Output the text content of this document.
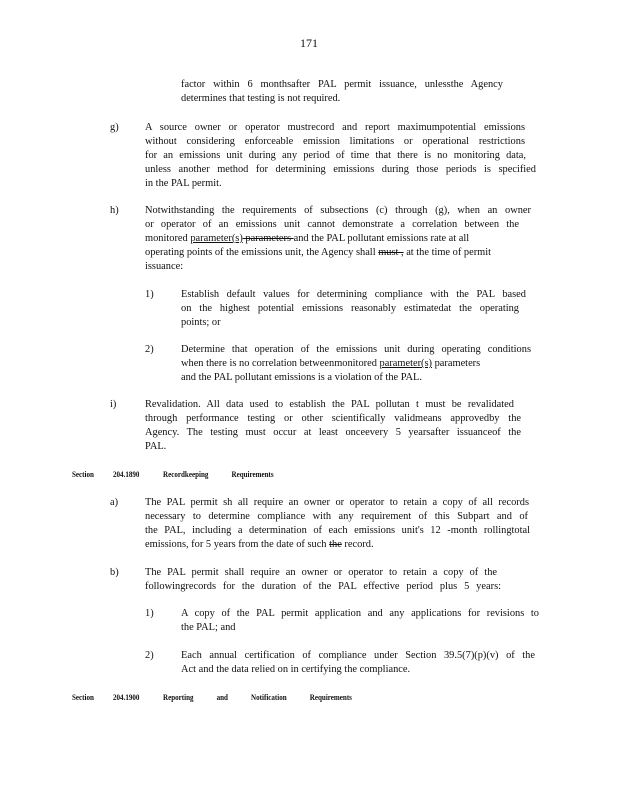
171
factor within 6 monthsafter PAL permit issuance, unlessthe Agency
determines that testing is not required.
g)	A source owner or operator mustrecord and report maximumpotential emissions
without considering enforceable emission limitations or operational restrictions
for an emissions unit during any period of time that there is no monitoring data,
unless another method for determining emissions during those periods is specified
in the PAL permit.
h)	Notwithstanding the requirements of subsections (c) through (g), when an owner
or operator of an emissions unit cannot demonstrate a correlation between the
monitored parameter(s) parameters and the PAL pollutant emissions rate at all
operating points of the emissions unit, the Agency shall must , at the time of permit
issuance:
1)	Establish default values for determining compliance with the PAL based
on the highest potential emissions reasonably estimatedat the operating
points; or
2)	Determine that operation of the emissions unit during operating conditions
when there is no correlation betweenmonitored parameter(s) parameters
and the PAL pollutant emissions is a violation of the PAL.
i)	Revalidation. All data used to establish the PAL pollutan t must be revalidated
through performance testing or other scientifically validmeans approvedby the
Agency. The testing must occur at least onceevery 5 yearsafter issuanceof the
PAL.
Section 204.1890	Recordkeeping Requirements
a)	The PAL permit sh all require an owner or operator to retain a copy of all records
necessary to determine compliance with any requirement of this Subpart and of
the PAL, including a determination of each emissions unit's 12 -month rollingtotal
emissions, for 5 years from the date of such the record.
b)	The PAL permit shall require an owner or operator to retain a copy of the
followingrecords for the duration of the PAL effective period plus 5 years:
1)	A copy of the PAL permit application and any applications for revisions to
the PAL; and
2)	Each annual certification of compliance under Section 39.5(7)(p)(v) of the
Act and the data relied on in certifying the compliance.
Section 204.1900	Reporting and Notification Requirements
